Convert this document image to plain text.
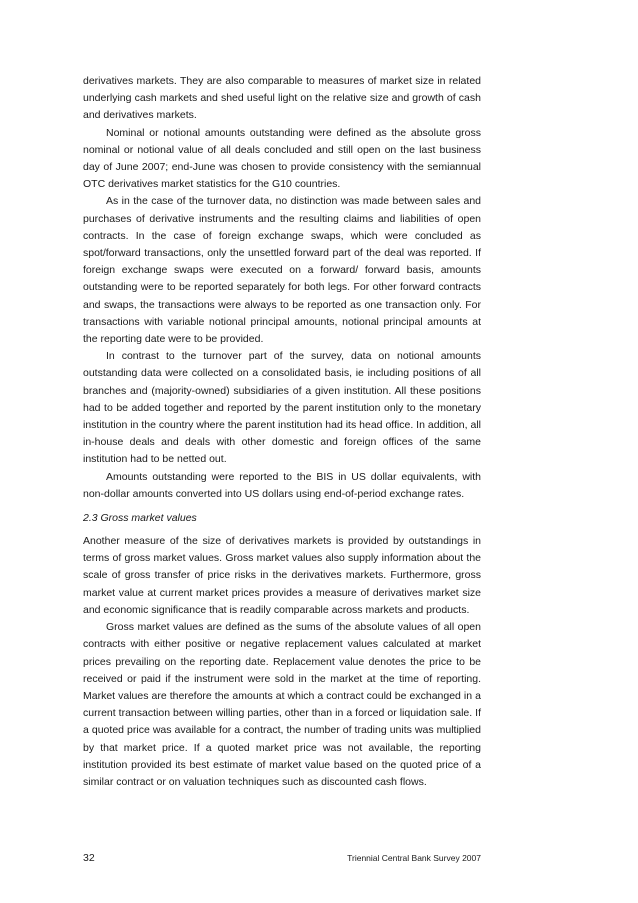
derivatives markets. They are also comparable to measures of market size in related underlying cash markets and shed useful light on the relative size and growth of cash and derivatives markets.

Nominal or notional amounts outstanding were defined as the absolute gross nominal or notional value of all deals concluded and still open on the last business day of June 2007; end-June was chosen to provide consistency with the semiannual OTC derivatives market statistics for the G10 countries.

As in the case of the turnover data, no distinction was made between sales and purchases of derivative instruments and the resulting claims and liabilities of open contracts. In the case of foreign exchange swaps, which were concluded as spot/forward transactions, only the unsettled forward part of the deal was reported. If foreign exchange swaps were executed on a forward/ forward basis, amounts outstanding were to be reported separately for both legs. For other forward contracts and swaps, the transactions were always to be reported as one transaction only. For transactions with variable notional principal amounts, notional principal amounts at the reporting date were to be provided.

In contrast to the turnover part of the survey, data on notional amounts outstanding data were collected on a consolidated basis, ie including positions of all branches and (majority-owned) subsidiaries of a given institution. All these positions had to be added together and reported by the parent institution only to the monetary institution in the country where the parent institution had its head office. In addition, all in-house deals and deals with other domestic and foreign offices of the same institution had to be netted out.

Amounts outstanding were reported to the BIS in US dollar equivalents, with non-dollar amounts converted into US dollars using end-of-period exchange rates.

2.3 Gross market values

Another measure of the size of derivatives markets is provided by outstandings in terms of gross market values. Gross market values also supply information about the scale of gross transfer of price risks in the derivatives markets. Furthermore, gross market value at current market prices provides a measure of derivatives market size and economic significance that is readily comparable across markets and products.

Gross market values are defined as the sums of the absolute values of all open contracts with either positive or negative replacement values calculated at market prices prevailing on the reporting date. Replacement value denotes the price to be received or paid if the instrument were sold in the market at the time of reporting. Market values are therefore the amounts at which a contract could be exchanged in a current transaction between willing parties, other than in a forced or liquidation sale. If a quoted price was available for a contract, the number of trading units was multiplied by that market price. If a quoted market price was not available, the reporting institution provided its best estimate of market value based on the quoted price of a similar contract or on valuation techniques such as discounted cash flows.

32	Triennial Central Bank Survey 2007
